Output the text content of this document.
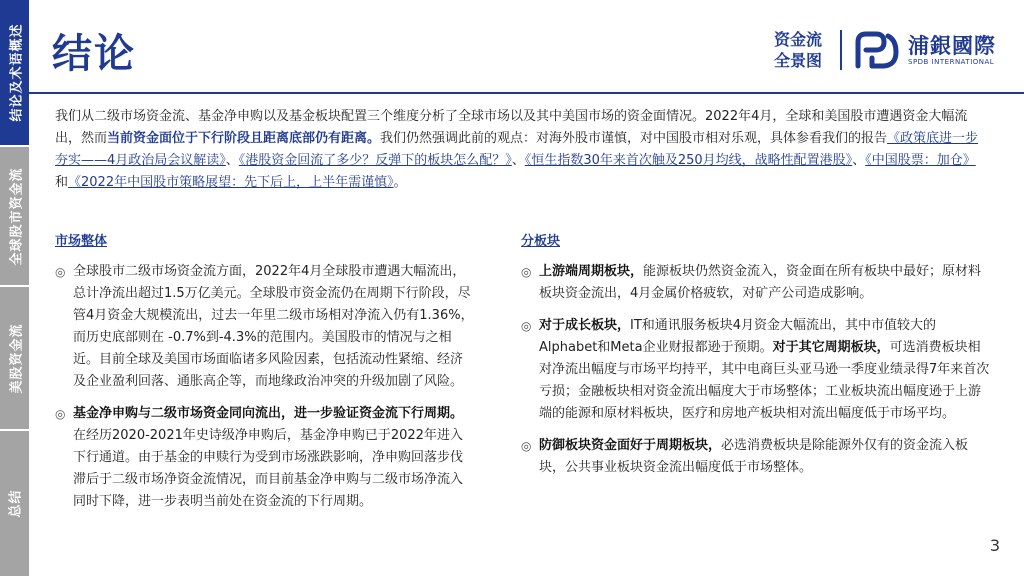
结论及术语概述
全球股市资金流
美股资金流
总结
结论	资金流
全景图
浦銀國際
SPDB INTERNATIONAL
我们从二级市场资金流、基金净申购以及基金板块配置三个维度分析了全球市场以及其中美国市场的资金面情况。2022年4月，全球和美国股市遭遇资金大幅流出，然而当前资金面位于下行阶段且距离底部仍有距离。我们仍然强调此前的观点：对海外股市谨慎，对中国股市相对乐观，具体参看我们的报告《政策底进一步夯实——4月政治局会议解读》、《港股资金回流了多少？反弹下的板块怎么配？》、《恒生指数30年来首次触及250月均线，战略性配置港股》、《中国股票：加仓》和《2022年中国股市策略展望：先下后上，上半年需谨慎》。
市场整体
◎ 全球股市二级市场资金流方面，2022年4月全球股市遭遇大幅流出，总计净流出超过1.5万亿美元。全球股市资金流仍在周期下行阶段，尽管4月资金大规模流出，过去一年里二级市场相对净流入仍有1.36%，而历史底部则在 -0.7%到-4.3%的范围内。美国股市的情况与之相近。目前全球及美国市场面临诸多风险因素，包括流动性紧缩、经济及企业盈利回落、通胀高企等，而地缘政治冲突的升级加剧了风险。
◎ 基金净申购与二级市场资金同向流出，进一步验证资金流下行周期。在经历2020-2021年史诗级净申购后，基金净申购已于2022年进入下行通道。由于基金的申赎行为受到市场涨跌影响，净申购回落步伐滞后于二级市场净资金流情况，而目前基金净申购与二级市场净流入同时下降，进一步表明当前处在资金流的下行周期。
分板块
◎ 上游端周期板块，能源板块仍然资金流入，资金面在所有板块中最好；原材料板块资金流出，4月金属价格疲软，对矿产公司造成影响。
◎ 对于成长板块，IT和通讯服务板块4月资金大幅流出，其中市值较大的Alphabet和Meta企业财报都逊于预期。对于其它周期板块，可选消费板块相对净流出幅度与市场平均持平，其中电商巨头亚马逊一季度业绩录得7年来首次亏损；金融板块相对资金流出幅度大于市场整体；工业板块流出幅度逊于上游端的能源和原材料板块，医疗和房地产板块相对流出幅度低于市场平均。
◎ 防御板块资金面好于周期板块，必选消费板块是除能源外仅有的资金流入板块，公共事业板块资金流出幅度低于市场整体。
3
